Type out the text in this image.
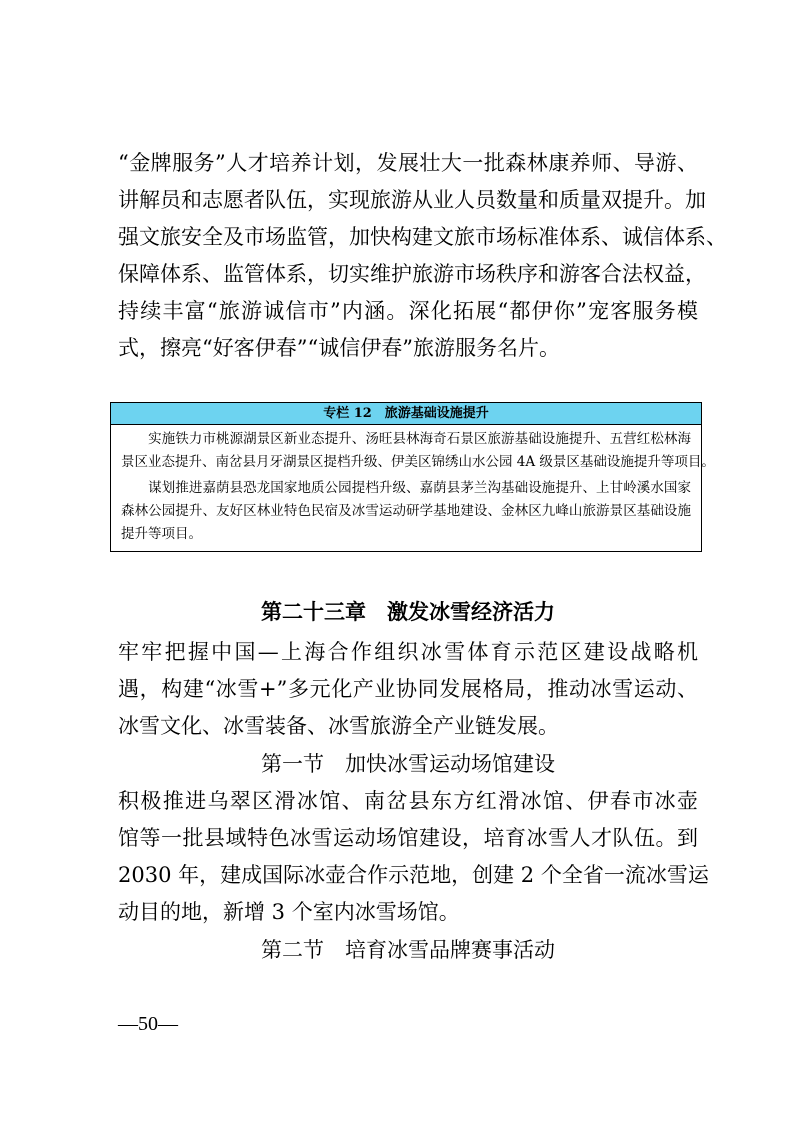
“金牌服务”人才培养计划，发展壮大一批森林康养师、导游、
讲解员和志愿者队伍，实现旅游从业人员数量和质量双提升。加
强文旅安全及市场监管，加快构建文旅市场标准体系、诚信体系、
保障体系、监管体系，切实维护旅游市场秩序和游客合法权益，
持续丰富“旅游诚信市”内涵。深化拓展“都伊你”宠客服务模
式，擦亮“好客伊春”“诚信伊春”旅游服务名片。
专栏 12　旅游基础设施提升
　　实施铁力市桃源湖景区新业态提升、汤旺县林海奇石景区旅游基础设施提升、五营红松林海
景区业态提升、南岔县月牙湖景区提档升级、伊美区锦绣山水公园 4A 级景区基础设施提升等项目。
　　谋划推进嘉荫县恐龙国家地质公园提档升级、嘉荫县茅兰沟基础设施提升、上甘岭溪水国家
森林公园提升、友好区林业特色民宿及冰雪运动研学基地建设、金林区九峰山旅游景区基础设施
提升等项目。
第二十三章　激发冰雪经济活力
牢牢把握中国—上海合作组织冰雪体育示范区建设战略机
遇，构建“冰雪+”多元化产业协同发展格局，推动冰雪运动、
冰雪文化、冰雪装备、冰雪旅游全产业链发展。
第一节　加快冰雪运动场馆建设
积极推进乌翠区滑冰馆、南岔县东方红滑冰馆、伊春市冰壶
馆等一批县域特色冰雪运动场馆建设，培育冰雪人才队伍。到
2030 年，建成国际冰壶合作示范地，创建 2 个全省一流冰雪运
动目的地，新增 3 个室内冰雪场馆。
第二节　培育冰雪品牌赛事活动
—50—
